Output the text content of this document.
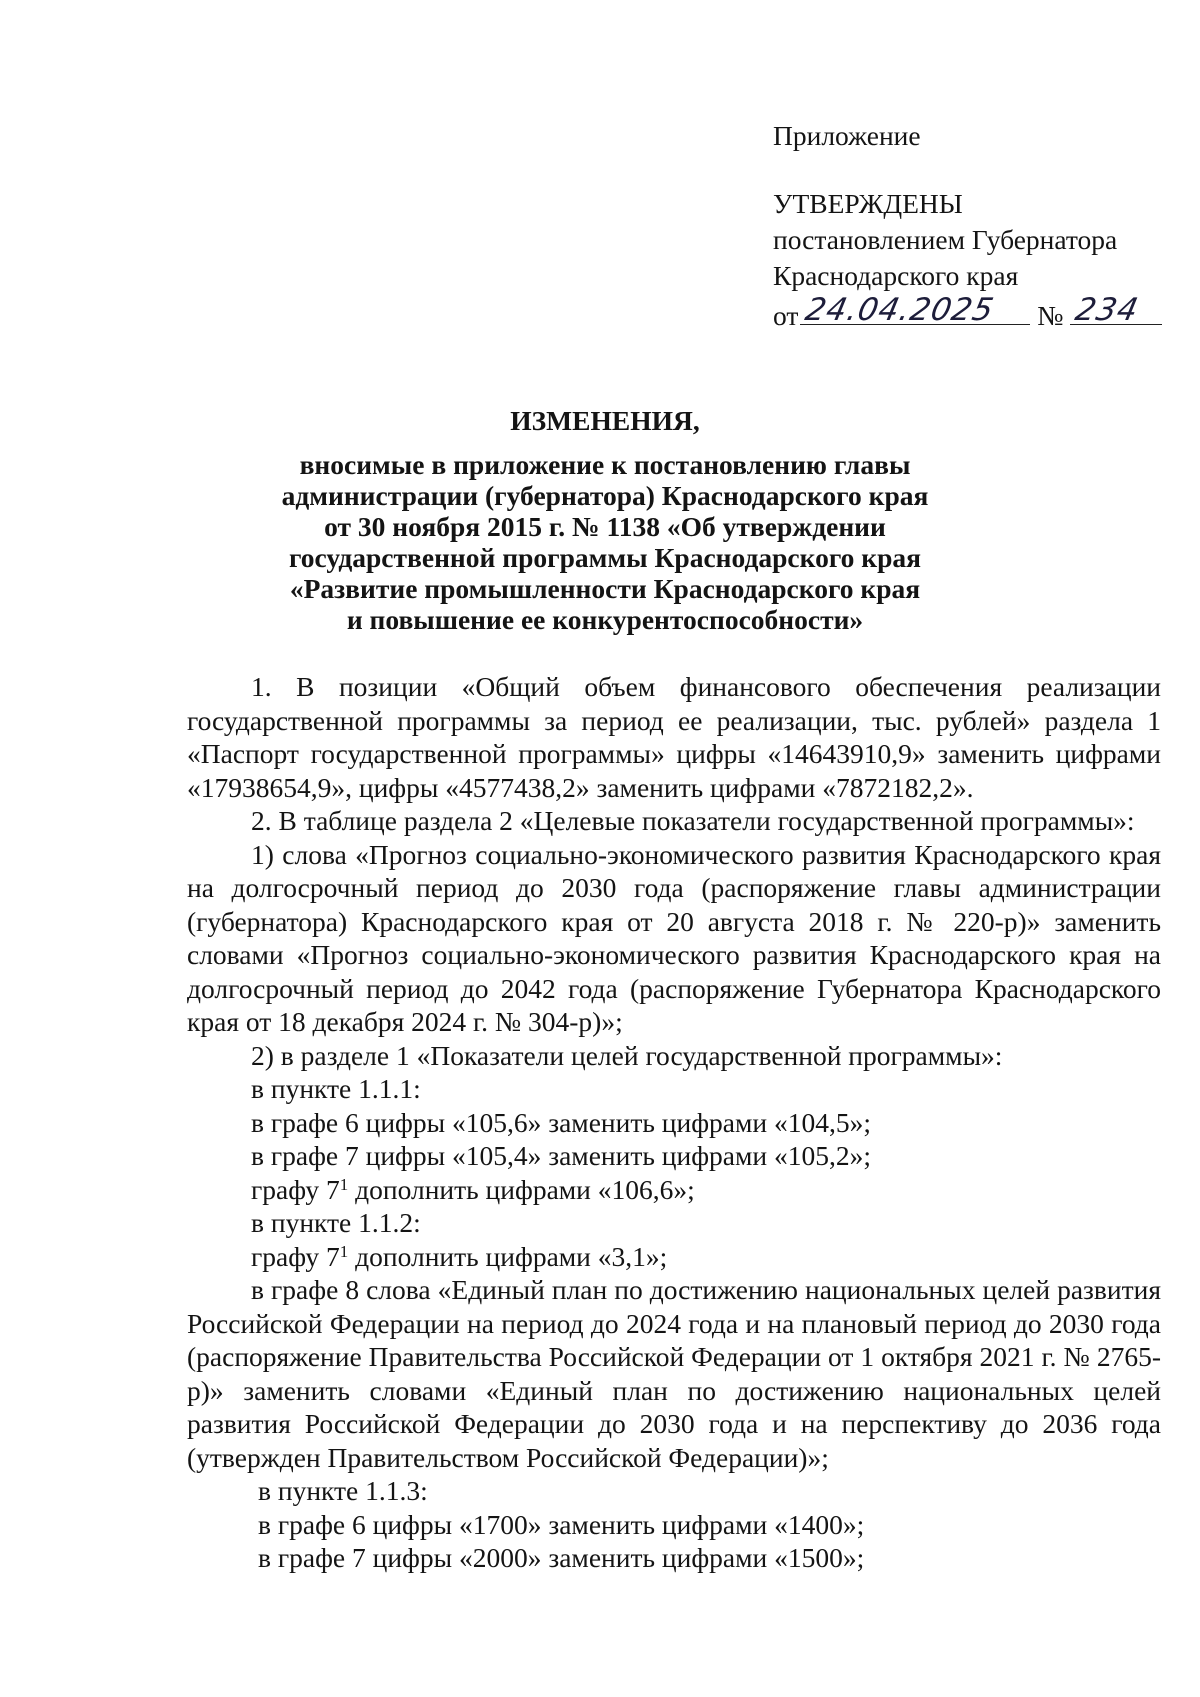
Приложение
УТВЕРЖДЕНЫ
постановлением Губернатора
Краснодарского края
от 24.04.2025 № 234
ИЗМЕНЕНИЯ,
вносимые в приложение к постановлению главы
администрации (губернатора) Краснодарского края
от 30 ноября 2015 г. № 1138 «Об утверждении
государственной программы Краснодарского края
«Развитие промышленности Краснодарского края
и повышение ее конкурентоспособности»

1. В позиции «Общий объем финансового обеспечения реализации государственной программы за период ее реализации, тыс. рублей» раздела 1 «Паспорт государственной программы» цифры «14643910,9» заменить цифрами «17938654,9», цифры «4577438,2» заменить цифрами «7872182,2».

2. В таблице раздела 2 «Целевые показатели государственной программы»:

1) слова «Прогноз социально-экономического развития Краснодарского края на долгосрочный период до 2030 года (распоряжение главы администрации (губернатора) Краснодарского края от 20 августа 2018 г. № 220-р)» заменить словами «Прогноз социально-экономического развития Краснодарского края на долгосрочный период до 2042 года (распоряжение Губернатора Краснодарского края от 18 декабря 2024 г. № 304-р)»;

2) в разделе 1 «Показатели целей государственной программы»:

в пункте 1.1.1:

в графе 6 цифры «105,6» заменить цифрами «104,5»;

в графе 7 цифры «105,4» заменить цифрами «105,2»;

графу $7^1$ дополнить цифрами «106,6»;

в пункте 1.1.2:

графу $7^1$ дополнить цифрами «3,1»;

в графе 8 слова «Единый план по достижению национальных целей развития Российской Федерации на период до 2024 года и на плановый период до 2030 года (распоряжение Правительства Российской Федерации от 1 октября 2021 г. № 2765-р)» заменить словами «Единый план по достижению национальных целей развития Российской Федерации до 2030 года и на перспективу до 2036 года (утвержден Правительством Российской Федерации)»;

в пункте 1.1.3:

в графе 6 цифры «1700» заменить цифрами «1400»;

в графе 7 цифры «2000» заменить цифрами «1500»;
